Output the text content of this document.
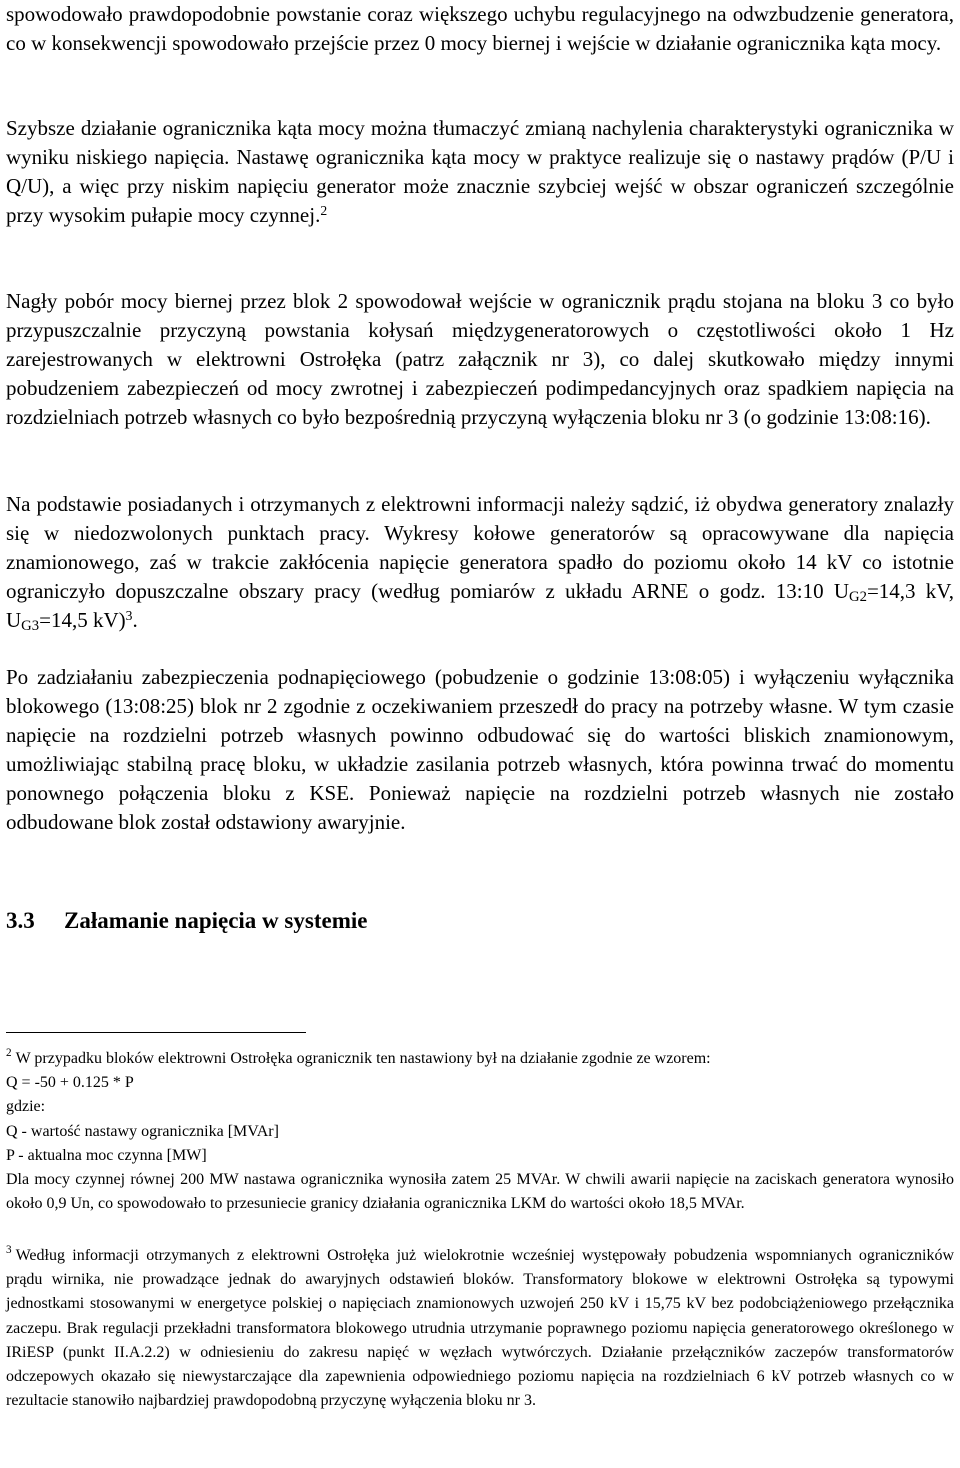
spowodowało prawdopodobnie powstanie coraz większego uchybu regulacyjnego na odwzbudzenie generatora, co w konsekwencji spowodowało przejście przez 0 mocy biernej i wejście w działanie ogranicznika kąta mocy.

Szybsze działanie ogranicznika kąta mocy można tłumaczyć zmianą nachylenia charakterystyki ogranicznika w wyniku niskiego napięcia. Nastawę ogranicznika kąta mocy w praktyce realizuje się o nastawy prądów (P/U i Q/U), a więc przy niskim napięciu generator może znacznie szybciej wejść w obszar ograniczeń szczególnie przy wysokim pułapie mocy czynnej.$^2$

Nagły pobór mocy biernej przez blok 2 spowodował wejście w ogranicznik prądu stojana na bloku 3 co było przypuszczalnie przyczyną powstania kołysań międzygeneratorowych o częstotliwości około 1 Hz zarejestrowanych w elektrowni Ostrołęka (patrz załącznik nr 3), co dalej skutkowało między innymi pobudzeniem zabezpieczeń od mocy zwrotnej i zabezpieczeń podimpedancyjnych oraz spadkiem napięcia na rozdzielniach potrzeb własnych co było bezpośrednią przyczyną wyłączenia bloku nr 3 (o godzinie 13:08:16).

Na podstawie posiadanych i otrzymanych z elektrowni informacji należy sądzić, iż obydwa generatory znalazły się w niedozwolonych punktach pracy. Wykresy kołowe generatorów są opracowywane dla napięcia znamionowego, zaś w trakcie zakłócenia napięcie generatora spadło do poziomu około 14 kV co istotnie ograniczyło dopuszczalne obszary pracy (według pomiarów z układu ARNE o godz. 13:10 $U_{G2}=14,3$ kV, $U_{G3}=14,5$ kV)$^3$.

Po zadziałaniu zabezpieczenia podnapięciowego (pobudzenie o godzinie 13:08:05) i wyłączeniu wyłącznika blokowego (13:08:25) blok nr 2 zgodnie z oczekiwaniem przeszedł do pracy na potrzeby własne. W tym czasie napięcie na rozdzielni potrzeb własnych powinno odbudować się do wartości bliskich znamionowym, umożliwiając stabilną pracę bloku, w układzie zasilania potrzeb własnych, która powinna trwać do momentu ponownego połączenia bloku z KSE. Ponieważ napięcie na rozdzielni potrzeb własnych nie zostało odbudowane blok został odstawiony awaryjnie.

3.3 Załamanie napięcia w systemie
$^2$ W przypadku bloków elektrowni Ostrołęka ogranicznik ten nastawiony był na działanie zgodnie ze wzorem:
Q = -50 + 0.125 * P
gdzie:
Q - wartość nastawy ogranicznika [MVAr]
P - aktualna moc czynna [MW]
Dla mocy czynnej równej 200 MW nastawa ogranicznika wynosiła zatem 25 MVAr. W chwili awarii napięcie na zaciskach generatora wynosiło około 0,9 Un, co spowodowało to przesuniecie granicy działania ogranicznika LKM do wartości około 18,5 MVAr.
$^3$ Według informacji otrzymanych z elektrowni Ostrołęka już wielokrotnie wcześniej występowały pobudzenia wspomnianych ograniczników prądu wirnika, nie prowadzące jednak do awaryjnych odstawień bloków. Transformatory blokowe w elektrowni Ostrołęka są typowymi jednostkami stosowanymi w energetyce polskiej o napięciach znamionowych uzwojeń 250 kV i 15,75 kV bez podobciążeniowego przełącznika zaczepu. Brak regulacji przekładni transformatora blokowego utrudnia utrzymanie poprawnego poziomu napięcia generatorowego określonego w IRiESP (punkt II.A.2.2) w odniesieniu do zakresu napięć w węzłach wytwórczych. Działanie przełączników zaczepów transformatorów odczepowych okazało się niewystarczające dla zapewnienia odpowiedniego poziomu napięcia na rozdzielniach 6 kV potrzeb własnych co w rezultacie stanowiło najbardziej prawdopodobną przyczynę wyłączenia bloku nr 3.
